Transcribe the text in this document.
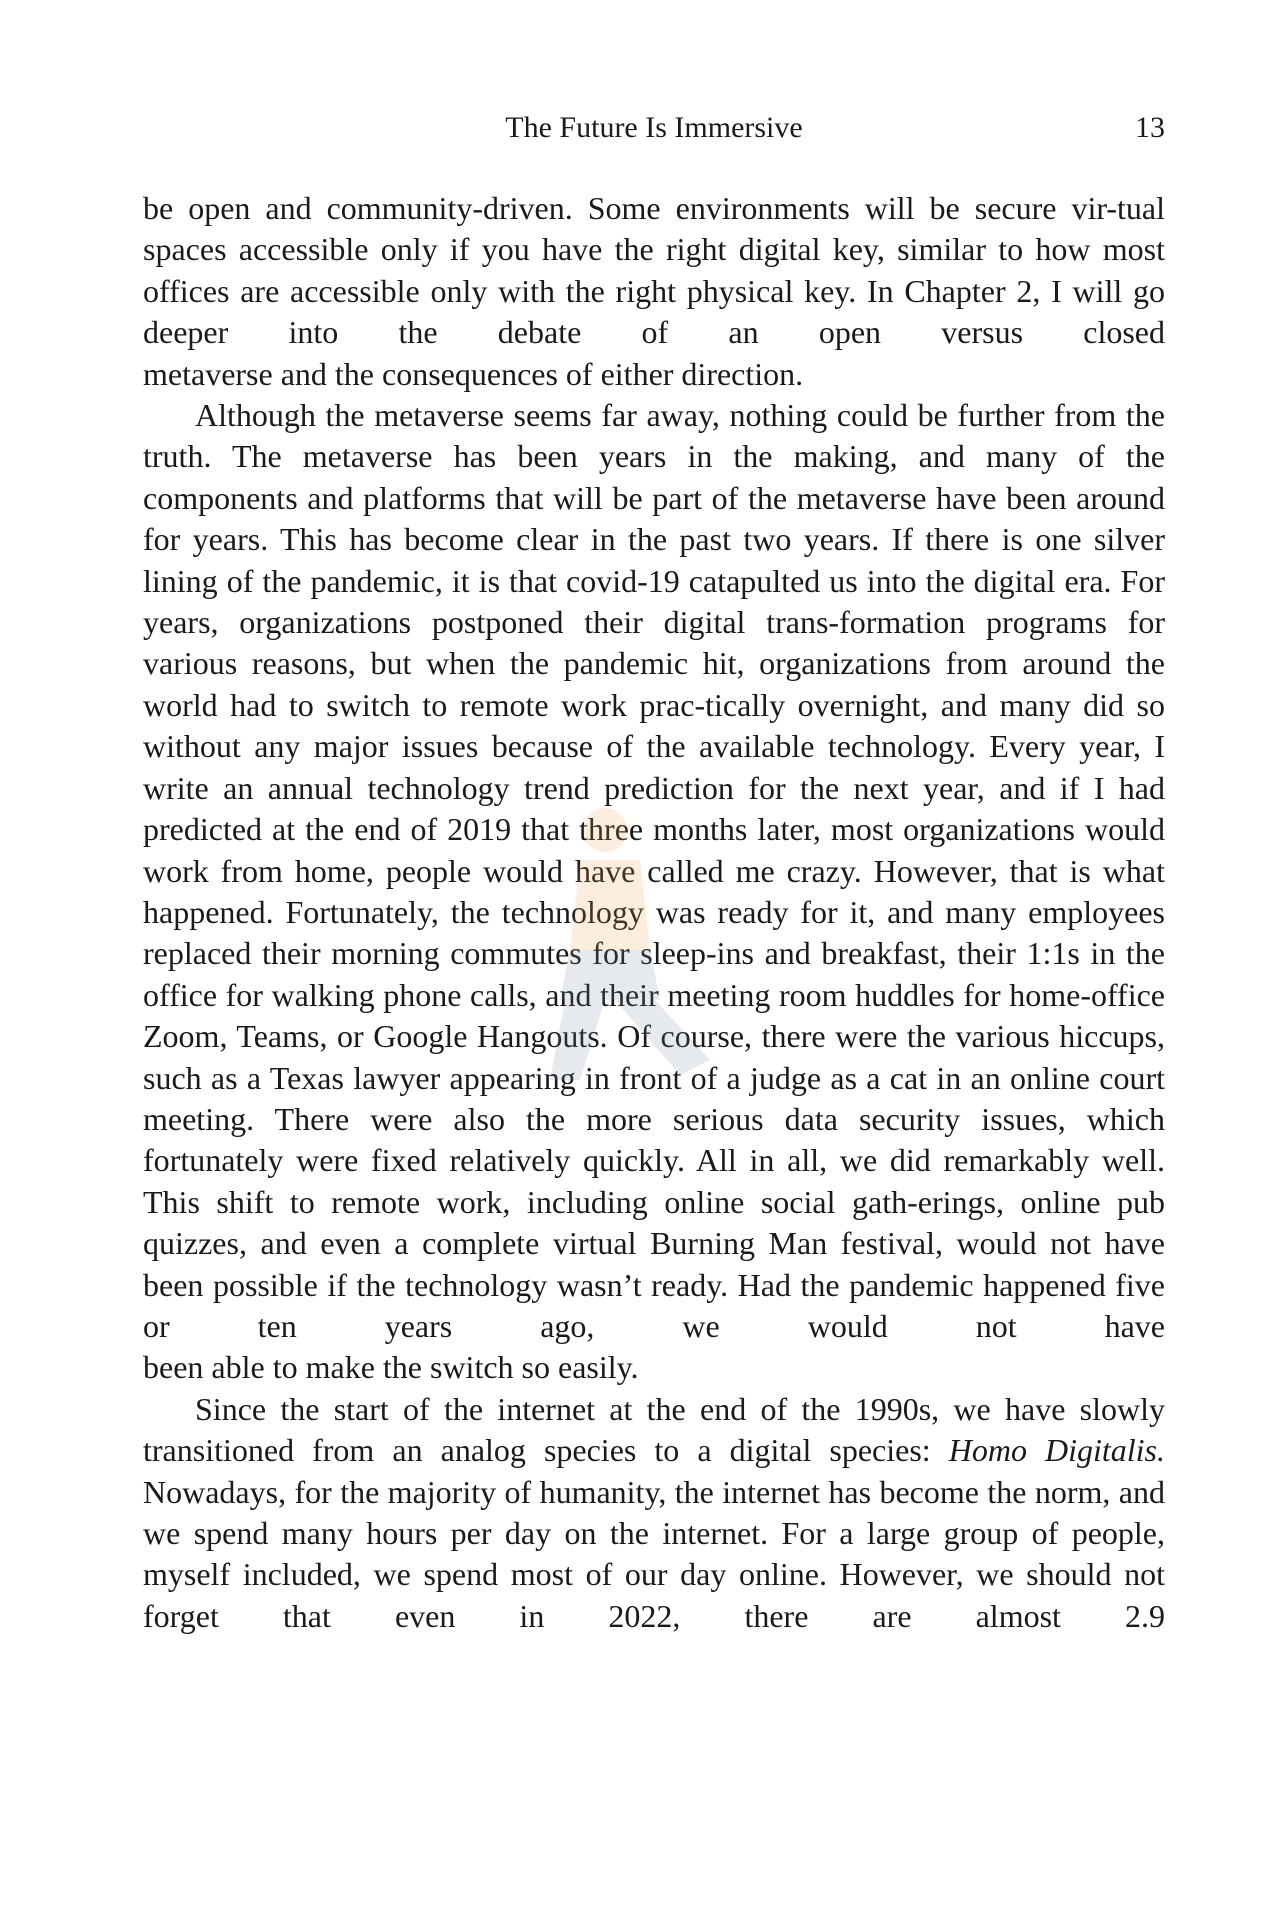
The Future Is Immersive	13

be open and community-driven. Some environments will be secure vir-tual spaces accessible only if you have the right digital key, similar to how most offices are accessible only with the right physical key. In Chapter 2, I will go deeper into the debate of an open versus closed
metaverse and the consequences of either direction.

Although the metaverse seems far away, nothing could be further from the truth. The metaverse has been years in the making, and many of the components and platforms that will be part of the metaverse have been around for years. This has become clear in the past two years. If there is one silver lining of the pandemic, it is that covid-19 catapulted us into the digital era. For years, organizations postponed their digital trans-formation programs for various reasons, but when the pandemic hit, organizations from around the world had to switch to remote work prac-tically overnight, and many did so without any major issues because of the available technology. Every year, I write an annual technology trend prediction for the next year, and if I had predicted at the end of 2019 that three months later, most organizations would work from home, people would have called me crazy. However, that is what happened. Fortunately, the technology was ready for it, and many employees replaced their morning commutes for sleep-ins and breakfast, their 1:1s in the office for walking phone calls, and their meeting room huddles for home-office Zoom, Teams, or Google Hangouts. Of course, there were the various hiccups, such as a Texas lawyer appearing in front of a judge as a cat in an online court meeting. There were also the more serious data security issues, which fortunately were fixed relatively quickly. All in all, we did remarkably well. This shift to remote work, including online social gath-erings, online pub quizzes, and even a complete virtual Burning Man festival, would not have been possible if the technology wasn’t ready. Had the pandemic happened five or ten years ago, we would not have
been able to make the switch so easily.

Since the start of the internet at the end of the 1990s, we have slowly transitioned from an analog species to a digital species: Homo Digitalis. Nowadays, for the majority of humanity, the internet has become the norm, and we spend many hours per day on the internet. For a large group of people, myself included, we spend most of our day online. However, we should not forget that even in 2022, there are almost 2.9
